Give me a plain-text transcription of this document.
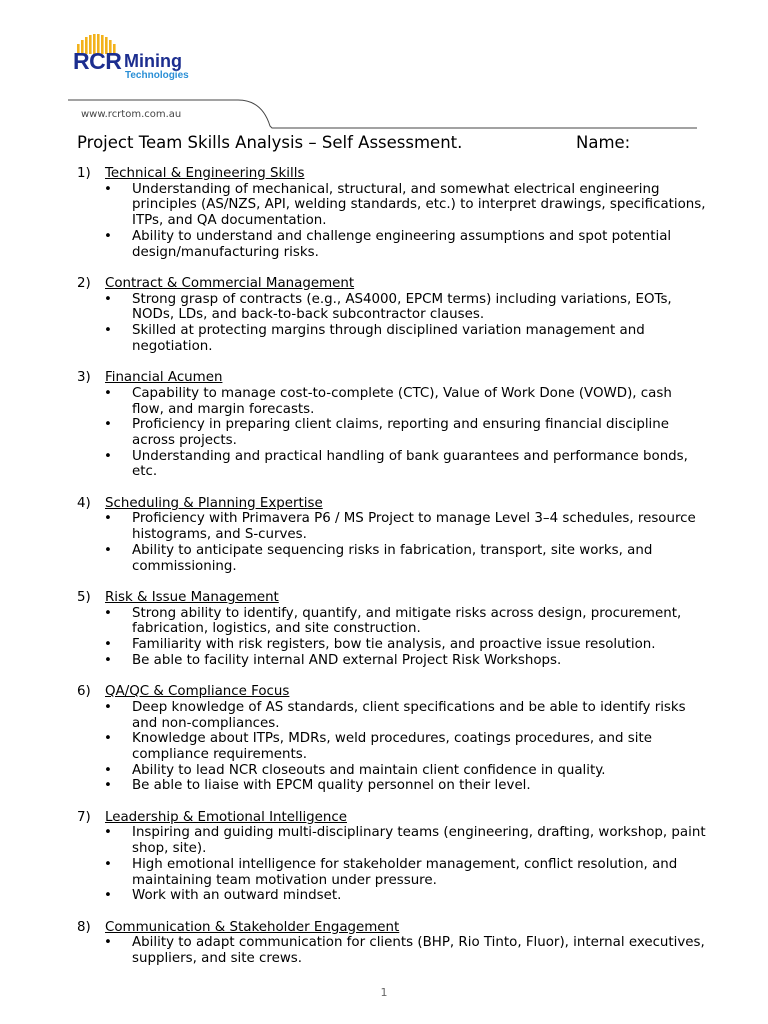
RCR Mining
Technologies
www.rcrtom.com.au
Project Team Skills Analysis – Self Assessment.	Name:
1) Technical & Engineering Skills
• Understanding of mechanical, structural, and somewhat electrical engineering principles (AS/NZS, API, welding standards, etc.) to interpret drawings, specifications, ITPs, and QA documentation.
• Ability to understand and challenge engineering assumptions and spot potential design/manufacturing risks.
2) Contract & Commercial Management
• Strong grasp of contracts (e.g., AS4000, EPCM terms) including variations, EOTs, NODs, LDs, and back-to-back subcontractor clauses.
• Skilled at protecting margins through disciplined variation management and negotiation.
3) Financial Acumen
• Capability to manage cost-to-complete (CTC), Value of Work Done (VOWD), cash flow, and margin forecasts.
• Proficiency in preparing client claims, reporting and ensuring financial discipline across projects.
• Understanding and practical handling of bank guarantees and performance bonds, etc.
4) Scheduling & Planning Expertise
• Proficiency with Primavera P6 / MS Project to manage Level 3–4 schedules, resource histograms, and S-curves.
• Ability to anticipate sequencing risks in fabrication, transport, site works, and commissioning.
5) Risk & Issue Management
• Strong ability to identify, quantify, and mitigate risks across design, procurement, fabrication, logistics, and site construction.
• Familiarity with risk registers, bow tie analysis, and proactive issue resolution.
• Be able to facility internal AND external Project Risk Workshops.
6) QA/QC & Compliance Focus
• Deep knowledge of AS standards, client specifications and be able to identify risks and non-compliances.
• Knowledge about ITPs, MDRs, weld procedures, coatings procedures, and site compliance requirements.
• Ability to lead NCR closeouts and maintain client confidence in quality.
• Be able to liaise with EPCM quality personnel on their level.
7) Leadership & Emotional Intelligence
• Inspiring and guiding multi-disciplinary teams (engineering, drafting, workshop, paint shop, site).
• High emotional intelligence for stakeholder management, conflict resolution, and maintaining team motivation under pressure.
• Work with an outward mindset.
8) Communication & Stakeholder Engagement
• Ability to adapt communication for clients (BHP, Rio Tinto, Fluor), internal executives, suppliers, and site crews.
1
